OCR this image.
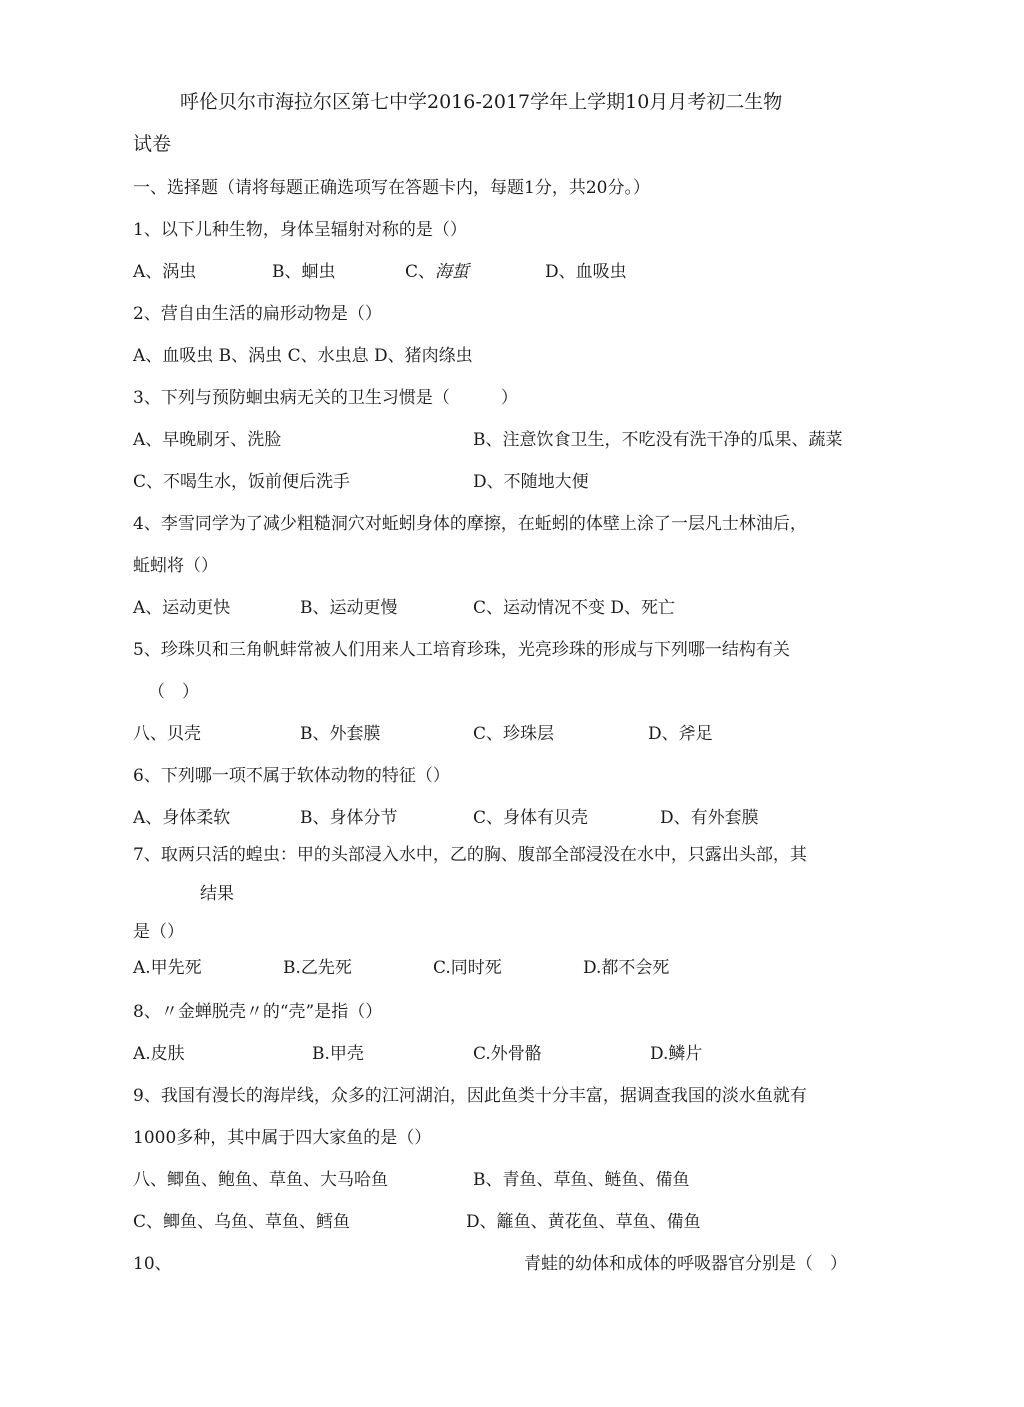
呼伦贝尔市海拉尔区第七中学2016-2017学年上学期10月月考初二生物
试卷
一、选择题（请将每题正确选项写在答题卡内，每题1分，共20分。）
1、以下儿种生物，身体呈辐射对称的是（）
A、涡虫	B、蛔虫	C、海蜇	D、血吸虫
2、营自由生活的扁形动物是（）
A、血吸虫 B、涡虫 C、水虫息 D、猪肉绦虫
3、下列与预防蛔虫病无关的卫生习惯是（　　　）
A、早晚刷牙、洗脸	B、注意饮食卫生，不吃没有洗干净的瓜果、蔬菜
C、不喝生水，饭前便后洗手	D、不随地大便
4、李雪同学为了减少粗糙洞穴对蚯蚓身体的摩擦，在蚯蚓的体壁上涂了一层凡士林油后，
蚯蚓将（）
A、运动更快	B、运动更慢	C、运动情况不变 D、死亡
5、珍珠贝和三角帆蚌常被人们用来人工培育珍珠，光亮珍珠的形成与下列哪一结构有关
（　）
八、贝壳	B、外套膜	C、珍珠层	D、斧足
6、下列哪一项不属于软体动物的特征（）
A、身体柔软	B、身体分节	C、身体有贝壳	D、有外套膜
7、取两只活的蝗虫：甲的头部浸入水中，乙的胸、腹部全部浸没在水中，只露出头部，其
结果
是（）
A.甲先死	B.乙先死	C.同时死	D.都不会死
8、〃金蝉脱壳〃的“壳”是指（）
A.皮肤	B.甲壳	C.外骨骼	D.鳞片
9、我国有漫长的海岸线，众多的江河湖泊，因此鱼类十分丰富，据调查我国的淡水鱼就有
1000多种，其中属于四大家鱼的是（）
八、鲫鱼、鲍鱼、草鱼、大马哈鱼	B、青鱼、草鱼、鲢鱼、備鱼
C、鲫鱼、乌鱼、草鱼、鳕鱼	D、籬鱼、黄花鱼、草鱼、備鱼
10、	青蛙的幼体和成体的呼吸器官分别是（　）
